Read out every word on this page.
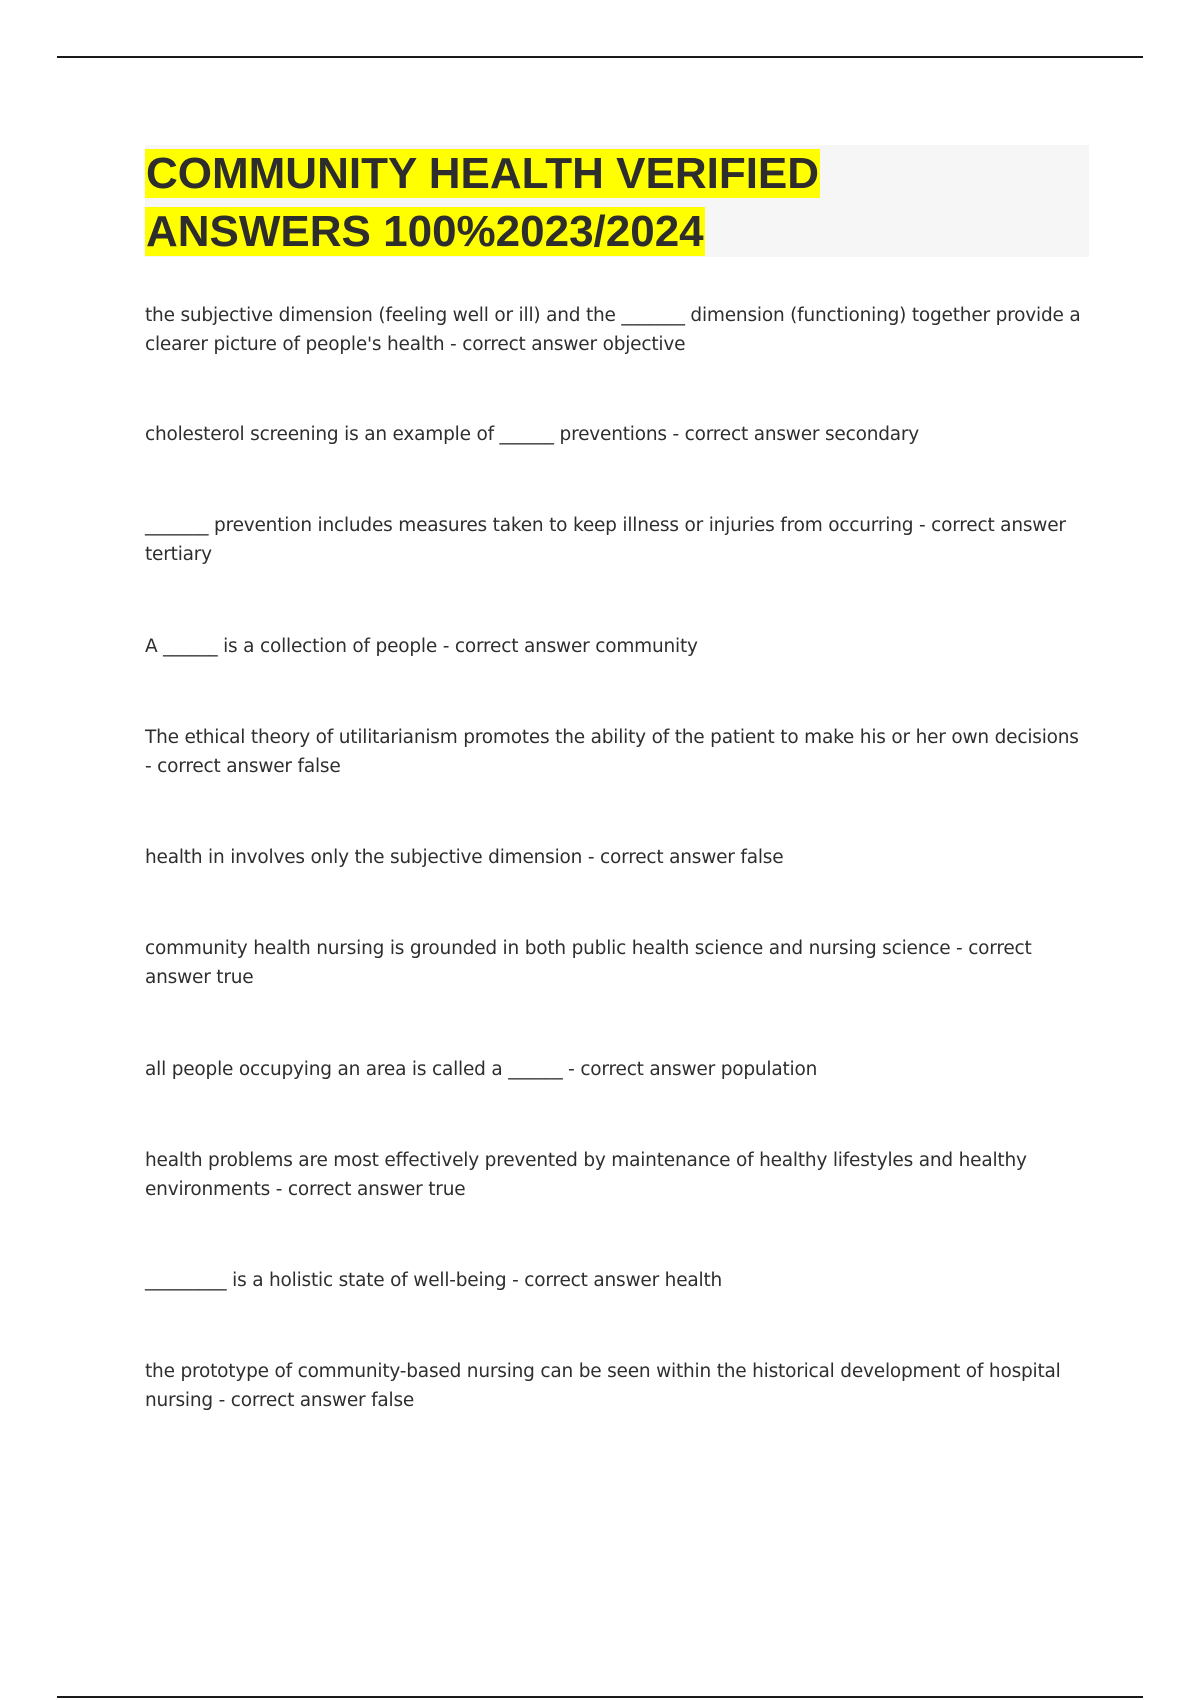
COMMUNITY HEALTH VERIFIED
ANSWERS 100%2023/2024

the subjective dimension (feeling well or ill) and the _______ dimension (functioning) together provide a clearer picture of people's health - correct answer objective

cholesterol screening is an example of ______ preventions - correct answer secondary

_______ prevention includes measures taken to keep illness or injuries from occurring - correct answer tertiary

A ______ is a collection of people - correct answer community

The ethical theory of utilitarianism promotes the ability of the patient to make his or her own decisions - correct answer false

health in involves only the subjective dimension - correct answer false

community health nursing is grounded in both public health science and nursing science - correct answer true

all people occupying an area is called a ______ - correct answer population

health problems are most effectively prevented by maintenance of healthy lifestyles and healthy environments - correct answer true

_________ is a holistic state of well-being - correct answer health

the prototype of community-based nursing can be seen within the historical development of hospital nursing - correct answer false
